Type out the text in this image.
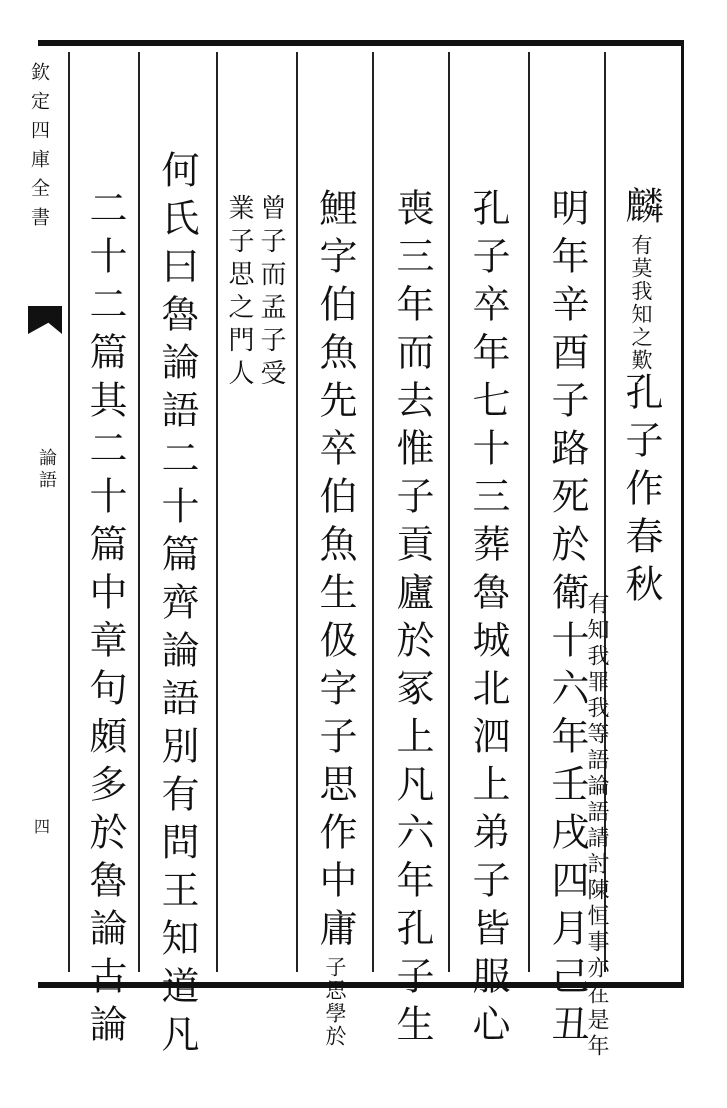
欽定四庫全書
論語
四
麟有莫我知之歎孔子作春秋
有知我罪我等語論語請討陳恒事亦在是年
明年辛酉子路死於衛十六年壬戌四月己丑
孔子卒年七十三葬魯城北泗上弟子皆服心
喪三年而去惟子貢廬於冢上凡六年孔子生
鯉字伯魚先卒伯魚生伋字子思作中庸子思學於
曾子而孟子受
業子思之門人
何氏曰魯論語二十篇齊論語別有問王知道凡
二十二篇其二十篇中章句頗多於魯論古論
